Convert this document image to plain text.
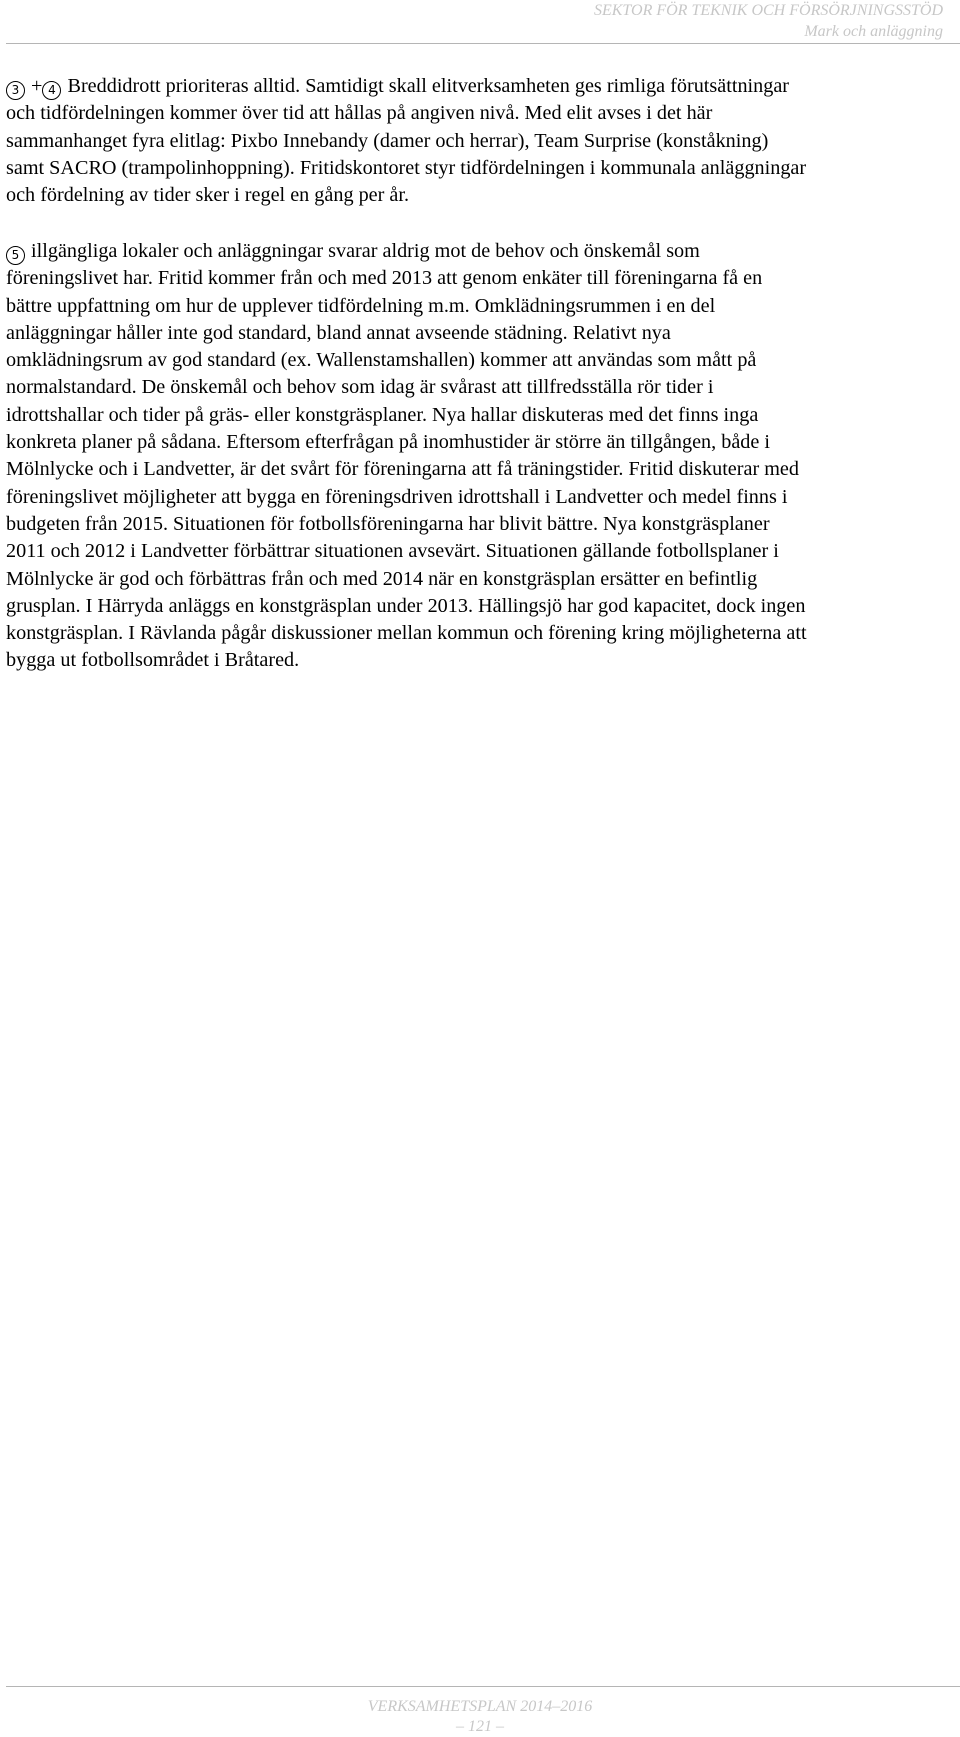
SEKTOR FÖR TEKNIK OCH FÖRSÖRJNINGSSTÖD
Mark och anläggning

3 + 4 Breddidrott prioriteras alltid. Samtidigt skall elitverksamheten ges rimliga förutsättningar

och tidfördelningen kommer över tid att hållas på angiven nivå. Med elit avses i det här

sammanhanget fyra elitlag: Pixbo Innebandy (damer och herrar), Team Surprise (konståkning)

samt SACRO (trampolinhoppning). Fritidskontoret styr tidfördelningen i kommunala anläggningar

och fördelning av tider sker i regel en gång per år.

5 illgängliga lokaler och anläggningar svarar aldrig mot de behov och önskemål som

föreningslivet har. Fritid kommer från och med 2013 att genom enkäter till föreningarna få en

bättre uppfattning om hur de upplever tidfördelning m.m. Omklädningsrummen i en del

anläggningar håller inte god standard, bland annat avseende städning. Relativt nya

omklädningsrum av god standard (ex. Wallenstamshallen) kommer att användas som mått på

normalstandard. De önskemål och behov som idag är svårast att tillfredsställa rör tider i

idrottshallar och tider på gräs- eller konstgräsplaner. Nya hallar diskuteras med det finns inga

konkreta planer på sådana. Eftersom efterfrågan på inomhustider är större än tillgången, både i

Mölnlycke och i Landvetter, är det svårt för föreningarna att få träningstider. Fritid diskuterar med

föreningslivet möjligheter att bygga en föreningsdriven idrottshall i Landvetter och medel finns i

budgeten från 2015. Situationen för fotbollsföreningarna har blivit bättre. Nya konstgräsplaner

2011 och 2012 i Landvetter förbättrar situationen avsevärt. Situationen gällande fotbollsplaner i

Mölnlycke är god och förbättras från och med 2014 när en konstgräsplan ersätter en befintlig

grusplan. I Härryda anläggs en konstgräsplan under 2013. Hällingsjö har god kapacitet, dock ingen

konstgräsplan. I Rävlanda pågår diskussioner mellan kommun och förening kring möjligheterna att

bygga ut fotbollsområdet i Bråtared.

VERKSAMHETSPLAN 2014–2016
– 121 –
